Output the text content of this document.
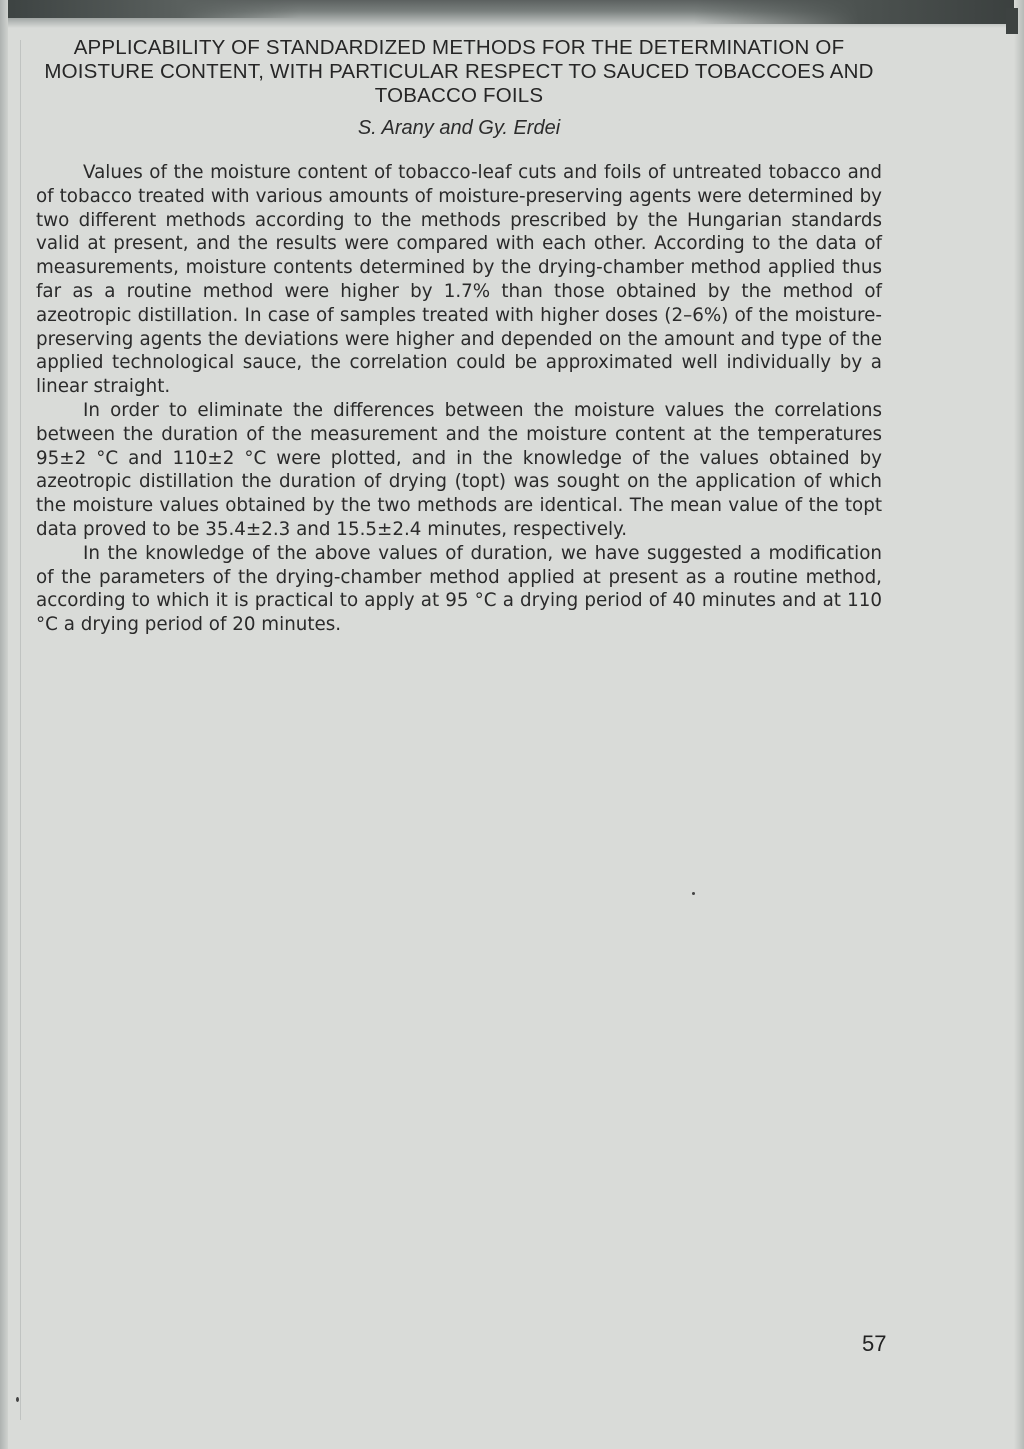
APPLICABILITY OF STANDARDIZED METHODS FOR THE DETERMINATION OF MOISTURE CONTENT, WITH PARTICULAR RESPECT TO SAUCED TOBACCOES AND TOBACCO FOILS
S. Arany and Gy. Erdei

Values of the moisture content of tobacco-leaf cuts and foils of untreated tobacco and of tobacco treated with various amounts of moisture-preserving agents were determined by two different methods according to the methods prescribed by the Hungarian standards valid at present, and the results were compared with each other. According to the data of measurements, moisture contents determined by the drying-chamber method applied thus far as a routine method were higher by 1.7% than those obtained by the method of azeotropic distillation. In case of samples treated with higher doses (2–6%) of the moisture-preserving agents the deviations were higher and depended on the amount and type of the applied technological sauce, the correlation could be approximated well individually by a linear straight.

In order to eliminate the differences between the moisture values the correlations between the duration of the measurement and the moisture content at the temperatures 95±2 °C and 110±2 °C were plotted, and in the knowledge of the values obtained by azeotropic distillation the duration of drying (topt) was sought on the application of which the moisture values obtained by the two methods are identical. The mean value of the topt data proved to be 35.4±2.3 and 15.5±2.4 minutes, respectively.

In the knowledge of the above values of duration, we have suggested a modification of the parameters of the drying-chamber method applied at present as a routine method, according to which it is practical to apply at 95 °C a drying period of 40 minutes and at 110 °C a drying period of 20 minutes.

57
